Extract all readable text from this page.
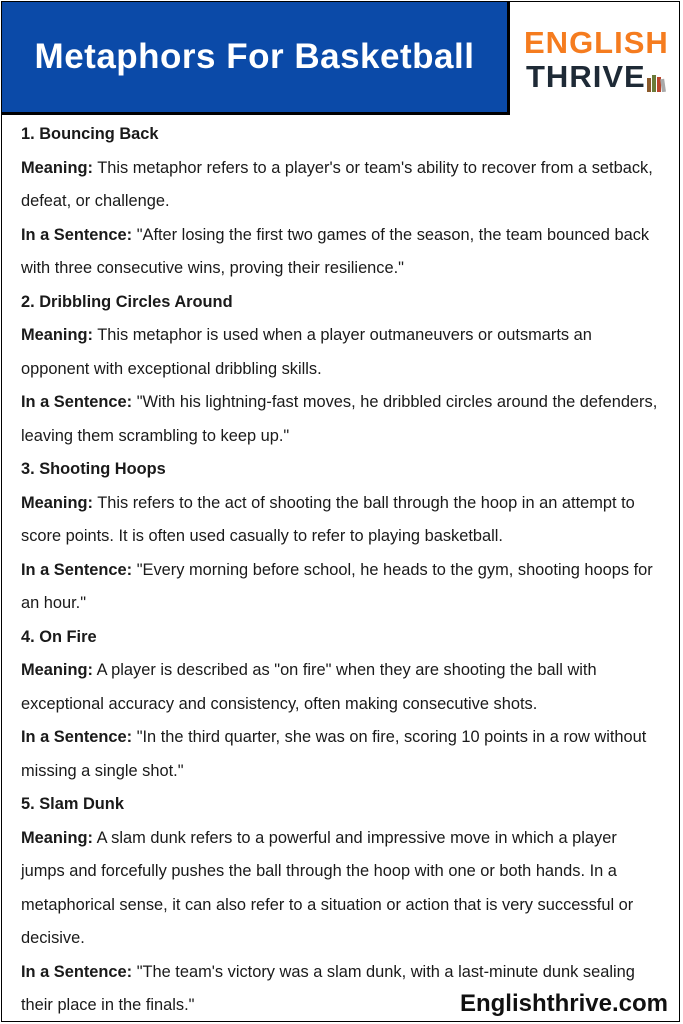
Metaphors For Basketball ENGLISH
THRIVE
1. Bouncing Back

Meaning: This metaphor refers to a player's or team's ability to recover from a setback, defeat, or challenge.

In a Sentence: "After losing the first two games of the season, the team bounced back with three consecutive wins, proving their resilience."

2. Dribbling Circles Around

Meaning: This metaphor is used when a player outmaneuvers or outsmarts an opponent with exceptional dribbling skills.

In a Sentence: "With his lightning-fast moves, he dribbled circles around the defenders, leaving them scrambling to keep up."

3. Shooting Hoops

Meaning: This refers to the act of shooting the ball through the hoop in an attempt to score points. It is often used casually to refer to playing basketball.

In a Sentence: "Every morning before school, he heads to the gym, shooting hoops for an hour."

4. On Fire

Meaning: A player is described as "on fire" when they are shooting the ball with exceptional accuracy and consistency, often making consecutive shots.

In a Sentence: "In the third quarter, she was on fire, scoring 10 points in a row without missing a single shot."

5. Slam Dunk

Meaning: A slam dunk refers to a powerful and impressive move in which a player jumps and forcefully pushes the ball through the hoop with one or both hands. In a metaphorical sense, it can also refer to a situation or action that is very successful or decisive.

In a Sentence: "The team's victory was a slam dunk, with a last-minute dunk sealing their place in the finals."	Englishthrive.com
